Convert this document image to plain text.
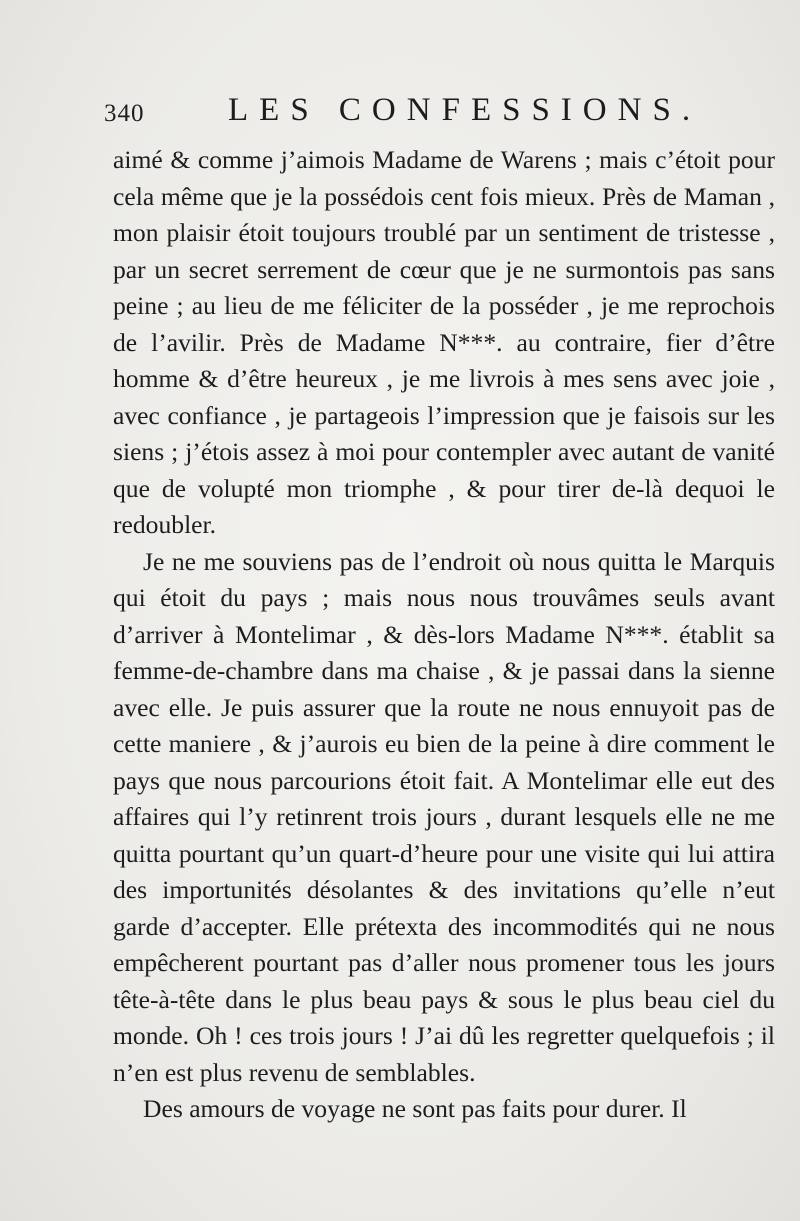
340	LES CONFESSIONS.

aimé & comme j’aimois Madame de Warens ; mais c’étoit pour cela même que je la possédois cent fois mieux. Près de Maman , mon plaisir étoit toujours troublé par un sentiment de tristesse , par un secret serrement de cœur que je ne surmontois pas sans peine ; au lieu de me féliciter de la posséder , je me reprochois de l’avilir. Près de Madame N***. au contraire, fier d’être homme & d’être heureux , je me livrois à mes sens avec joie , avec confiance , je partageois l’impression que je faisois sur les siens ; j’étois assez à moi pour contempler avec autant de vanité que de volupté mon triomphe , & pour tirer de-là dequoi le redoubler.

Je ne me souviens pas de l’endroit où nous quitta le Marquis qui étoit du pays ; mais nous nous trouvâmes seuls avant d’arriver à Montelimar , & dès-lors Madame N***. établit sa femme-de-chambre dans ma chaise , & je passai dans la sienne avec elle. Je puis assurer que la route ne nous ennuyoit pas de cette maniere , & j’aurois eu bien de la peine à dire comment le pays que nous parcourions étoit fait. A Montelimar elle eut des affaires qui l’y retinrent trois jours , durant lesquels elle ne me quitta pourtant qu’un quart-d’heure pour une visite qui lui attira des importunités désolantes & des invitations qu’elle n’eut garde d’accepter. Elle prétexta des incommodités qui ne nous empêcherent pourtant pas d’aller nous promener tous les jours tête-à-tête dans le plus beau pays & sous le plus beau ciel du monde. Oh ! ces trois jours ! J’ai dû les regretter quelquefois ; il n’en est plus revenu de semblables.

Des amours de voyage ne sont pas faits pour durer. Il
